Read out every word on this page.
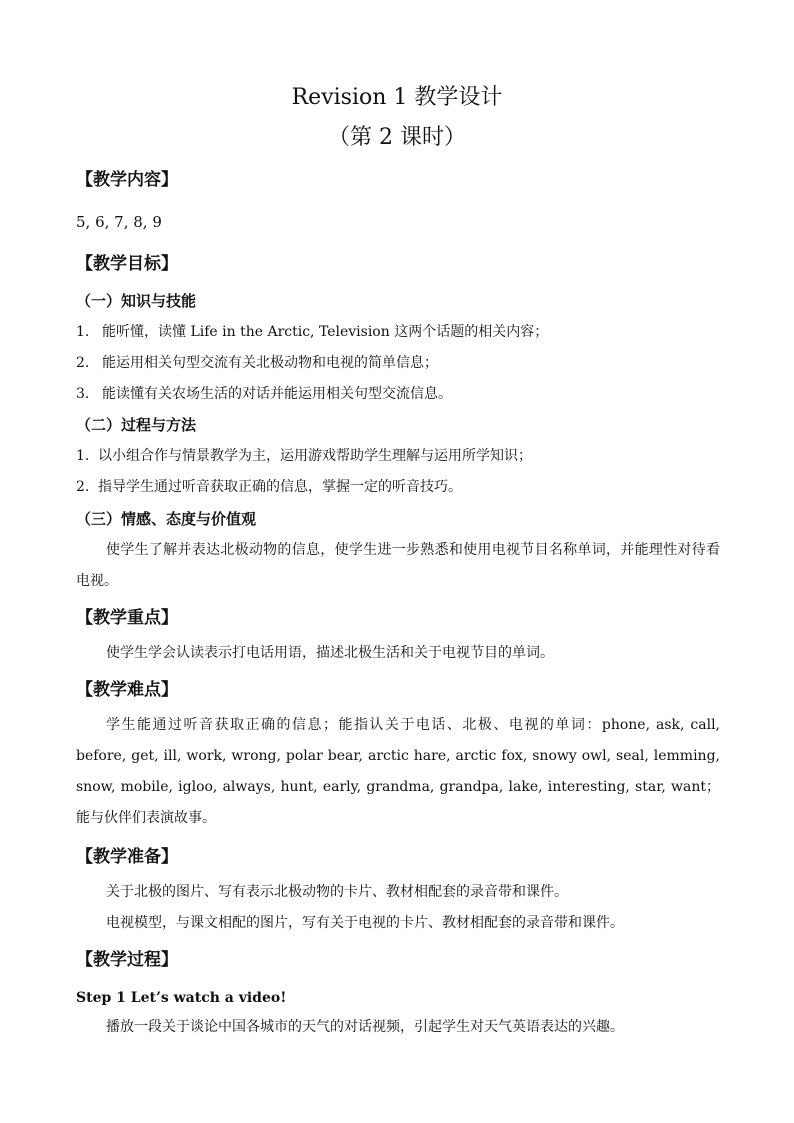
Revision 1 教学设计
（第 2 课时）
【教学内容】
5, 6, 7, 8, 9
【教学目标】
（一）知识与技能
1. 能听懂，读懂 Life in the Arctic, Television 这两个话题的相关内容；
2. 能运用相关句型交流有关北极动物和电视的简单信息；
3. 能读懂有关农场生活的对话并能运用相关句型交流信息。
（二）过程与方法
1. 以小组合作与情景教学为主，运用游戏帮助学生理解与运用所学知识；
2. 指导学生通过听音获取正确的信息，掌握一定的听音技巧。
（三）情感、态度与价值观
使学生了解并表达北极动物的信息，使学生进一步熟悉和使用电视节目名称单词，并能理性对待看电视。
【教学重点】
使学生学会认读表示打电话用语，描述北极生活和关于电视节目的单词。
【教学难点】
学生能通过听音获取正确的信息；能指认关于电话、北极、电视的单词：phone, ask, call, before, get, ill, work, wrong, polar bear, arctic hare, arctic fox, snowy owl, seal, lemming, snow, mobile, igloo, always, hunt, early, grandma, grandpa, lake, interesting, star, want；能与伙伴们表演故事。
【教学准备】
关于北极的图片、写有表示北极动物的卡片、教材相配套的录音带和课件。
电视模型，与课文相配的图片，写有关于电视的卡片、教材相配套的录音带和课件。
【教学过程】
Step 1 Let’s watch a video!
播放一段关于谈论中国各城市的天气的对话视频，引起学生对天气英语表达的兴趣。
